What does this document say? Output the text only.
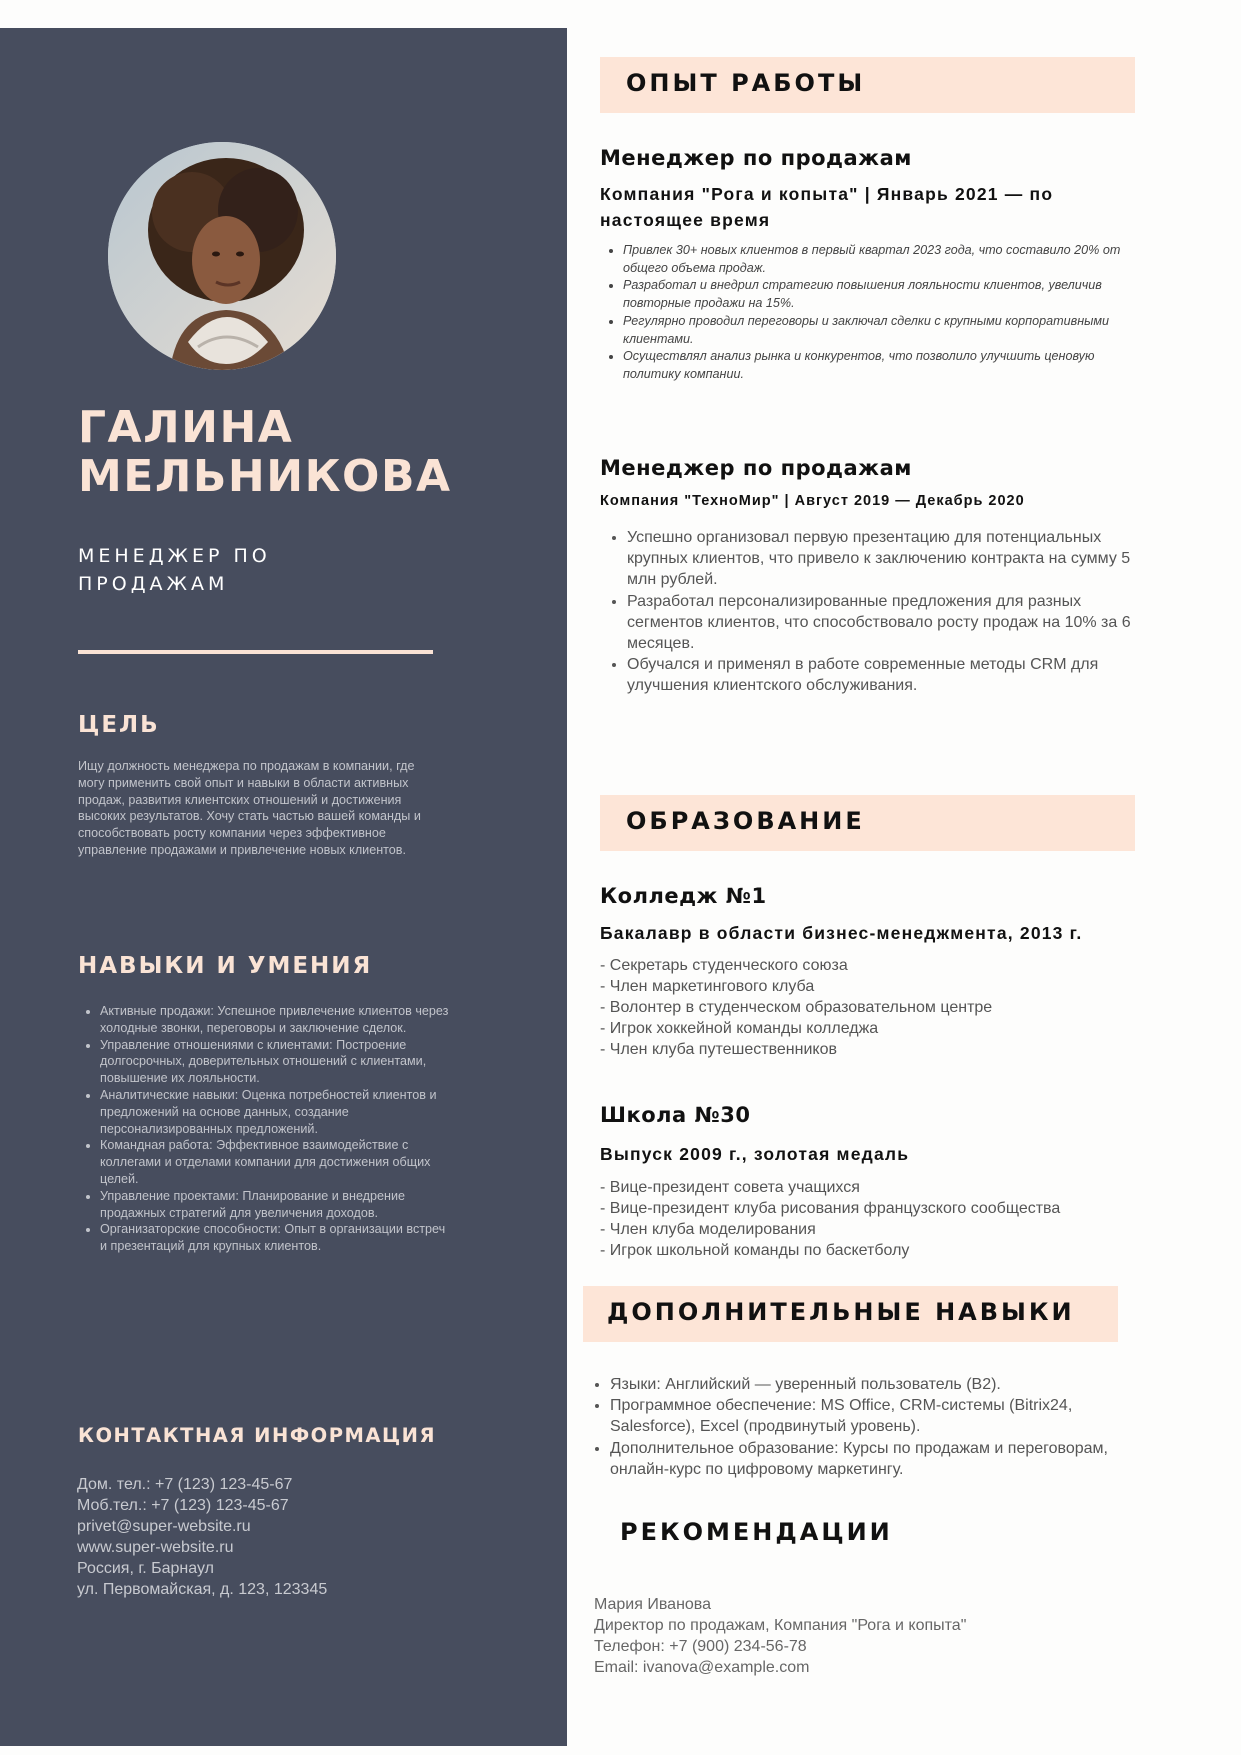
ГАЛИНА МЕЛЬНИКОВА

МЕНЕДЖЕР ПО ПРОДАЖАМ

ЦЕЛЬ

Ищу должность менеджера по продажам в компании, где могу применить свой опыт и навыки в области активных продаж, развития клиентских отношений и достижения высоких результатов. Хочу стать частью вашей команды и способствовать росту компании через эффективное управление продажами и привлечение новых клиентов.

НАВЫКИ И УМЕНИЯ
• Активные продажи: Успешное привлечение клиентов через холодные звонки, переговоры и заключение сделок.
• Управление отношениями с клиентами: Построение долгосрочных, доверительных отношений с клиентами, повышение их лояльности.
• Аналитические навыки: Оценка потребностей клиентов и предложений на основе данных, создание персонализированных предложений.
• Командная работа: Эффективное взаимодействие с коллегами и отделами компании для достижения общих целей.
• Управление проектами: Планирование и внедрение продажных стратегий для увеличения доходов.
• Организаторские способности: Опыт в организации встреч и презентаций для крупных клиентов.
КОНТАКТНАЯ ИНФОРМАЦИЯ
Дом. тел.: +7 (123) 123-45-67
Моб.тел.: +7 (123) 123-45-67
privet@super-website.ru
www.super-website.ru
Россия, г. Барнаул
ул. Первомайская, д. 123, 123345
ОПЫТ РАБОТЫ
Менеджер по продажам

Компания "Рога и копыта" | Январь 2021 — по настоящее время

• Привлек 30+ новых клиентов в первый квартал 2023 года, что составило 20% от общего объема продаж.
• Разработал и внедрил стратегию повышения лояльности клиентов, увеличив повторные продажи на 15%.
• Регулярно проводил переговоры и заключал сделки с крупными корпоративными клиентами.
• Осуществлял анализ рынка и конкурентов, что позволило улучшить ценовую политику компании.
Менеджер по продажам

Компания "ТехноМир" | Август 2019 — Декабрь 2020

• Успешно организовал первую презентацию для потенциальных крупных клиентов, что привело к заключению контракта на сумму 5 млн рублей.
• Разработал персонализированные предложения для разных сегментов клиентов, что способствовало росту продаж на 10% за 6 месяцев.
• Обучался и применял в работе современные методы CRM для улучшения клиентского обслуживания.
ОБРАЗОВАНИЕ
Колледж №1

Бакалавр в области бизнес-менеджмента, 2013 г.

- Секретарь студенческого союза
- Член маркетингового клуба
- Волонтер в студенческом образовательном центре
- Игрок хоккейной команды колледжа
- Член клуба путешественников
Школа №30

Выпуск 2009 г., золотая медаль

- Вице-президент совета учащихся
- Вице-президент клуба рисования французского сообщества
- Член клуба моделирования
- Игрок школьной команды по баскетболу
ДОПОЛНИТЕЛЬНЫЕ НАВЫКИ
• Языки: Английский — уверенный пользователь (B2).
• Программное обеспечение: MS Office, CRM-системы (Bitrix24, Salesforce), Excel (продвинутый уровень).
• Дополнительное образование: Курсы по продажам и переговорам, онлайн-курс по цифровому маркетингу.
РЕКОМЕНДАЦИИ
Мария Иванова
Директор по продажам, Компания "Рога и копыта"
Телефон: +7 (900) 234-56-78
Email: ivanova@example.com
